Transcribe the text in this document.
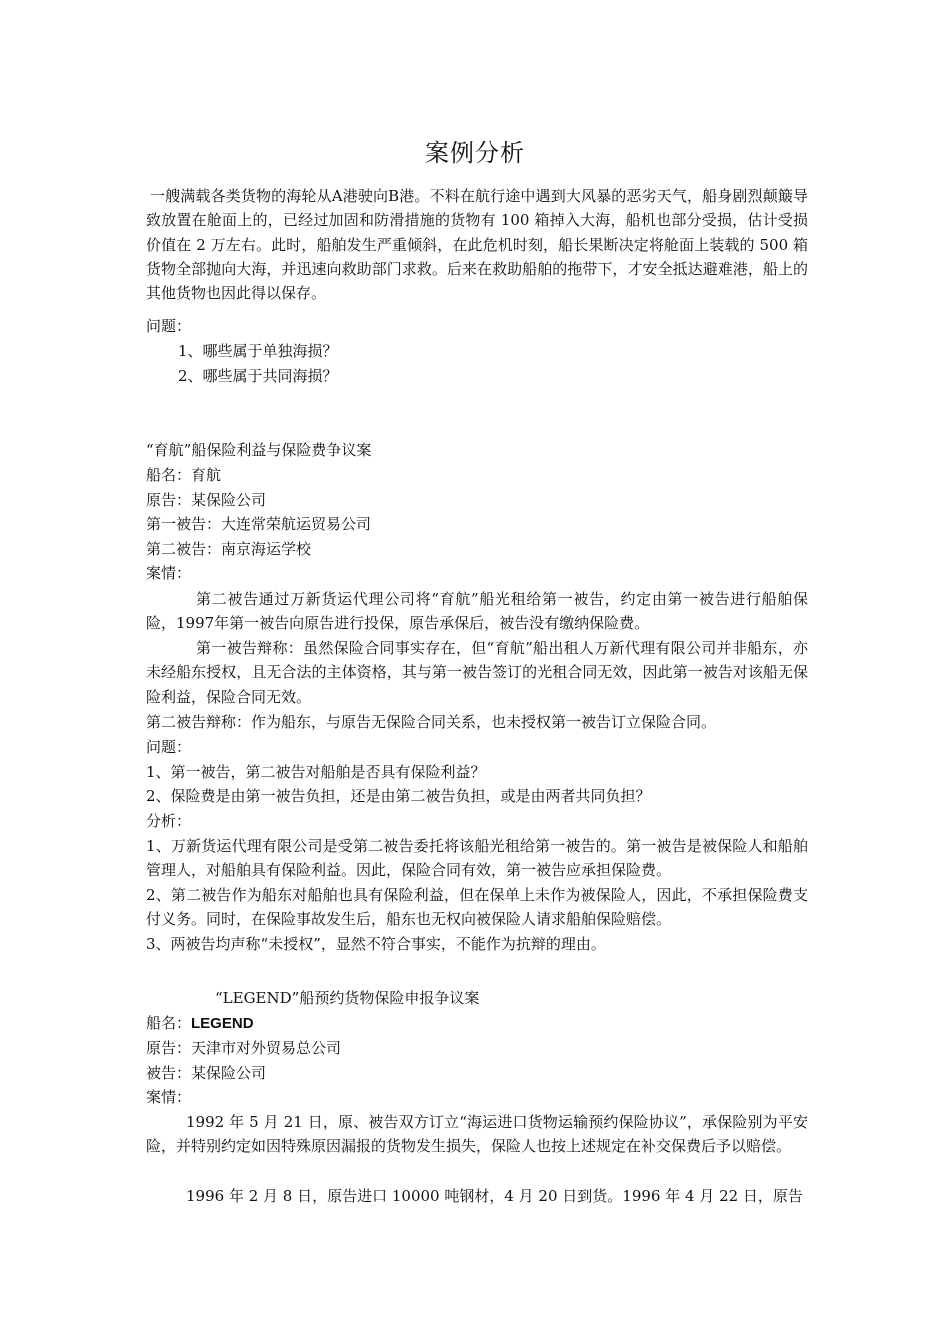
案例分析
一艘满载各类货物的海轮从A港驶向B港。不料在航行途中遇到大风暴的恶劣天气，船身剧烈颠簸导致放置在舱面上的，已经过加固和防滑措施的货物有 100 箱掉入大海，船机也部分受损，估计受损价值在 2 万左右。此时，船舶发生严重倾斜，在此危机时刻，船长果断决定将舱面上装载的 500 箱货物全部抛向大海，并迅速向救助部门求救。后来在救助船舶的拖带下，才安全抵达避难港，船上的其他货物也因此得以保存。
问题：
1、哪些属于单独海损？
2、哪些属于共同海损？
“育航”船保险利益与保险费争议案
船名：育航
原告：某保险公司
第一被告：大连常荣航运贸易公司
第二被告：南京海运学校
案情：
第二被告通过万新货运代理公司将“育航”船光租给第一被告，约定由第一被告进行船舶保险，1997年第一被告向原告进行投保，原告承保后，被告没有缴纳保险费。
第一被告辩称：虽然保险合同事实存在，但“育航”船出租人万新代理有限公司并非船东，亦未经船东授权，且无合法的主体资格，其与第一被告签订的光租合同无效，因此第一被告对该船无保险利益，保险合同无效。
第二被告辩称：作为船东，与原告无保险合同关系，也未授权第一被告订立保险合同。
问题：
1、第一被告，第二被告对船舶是否具有保险利益？
2、保险费是由第一被告负担，还是由第二被告负担，或是由两者共同负担？
分析：
1、万新货运代理有限公司是受第二被告委托将该船光租给第一被告的。第一被告是被保险人和船舶管理人，对船舶具有保险利益。因此，保险合同有效，第一被告应承担保险费。
2、第二被告作为船东对船舶也具有保险利益，但在保单上未作为被保险人，因此，不承担保险费支付义务。同时，在保险事故发生后，船东也无权向被保险人请求船舶保险赔偿。
3、两被告均声称“未授权”，显然不符合事实，不能作为抗辩的理由。
“LEGEND”船预约货物保险申报争议案
船名：LEGEND
原告：天津市对外贸易总公司
被告：某保险公司
案情：
1992 年 5 月 21 日，原、被告双方订立“海运进口货物运输预约保险协议”，承保险别为平安险，并特别约定如因特殊原因漏报的货物发生损失，保险人也按上述规定在补交保费后予以赔偿。
1996 年 2 月 8 日，原告进口 10000 吨钢材，4 月 20 日到货。1996 年 4 月 22 日，原告
